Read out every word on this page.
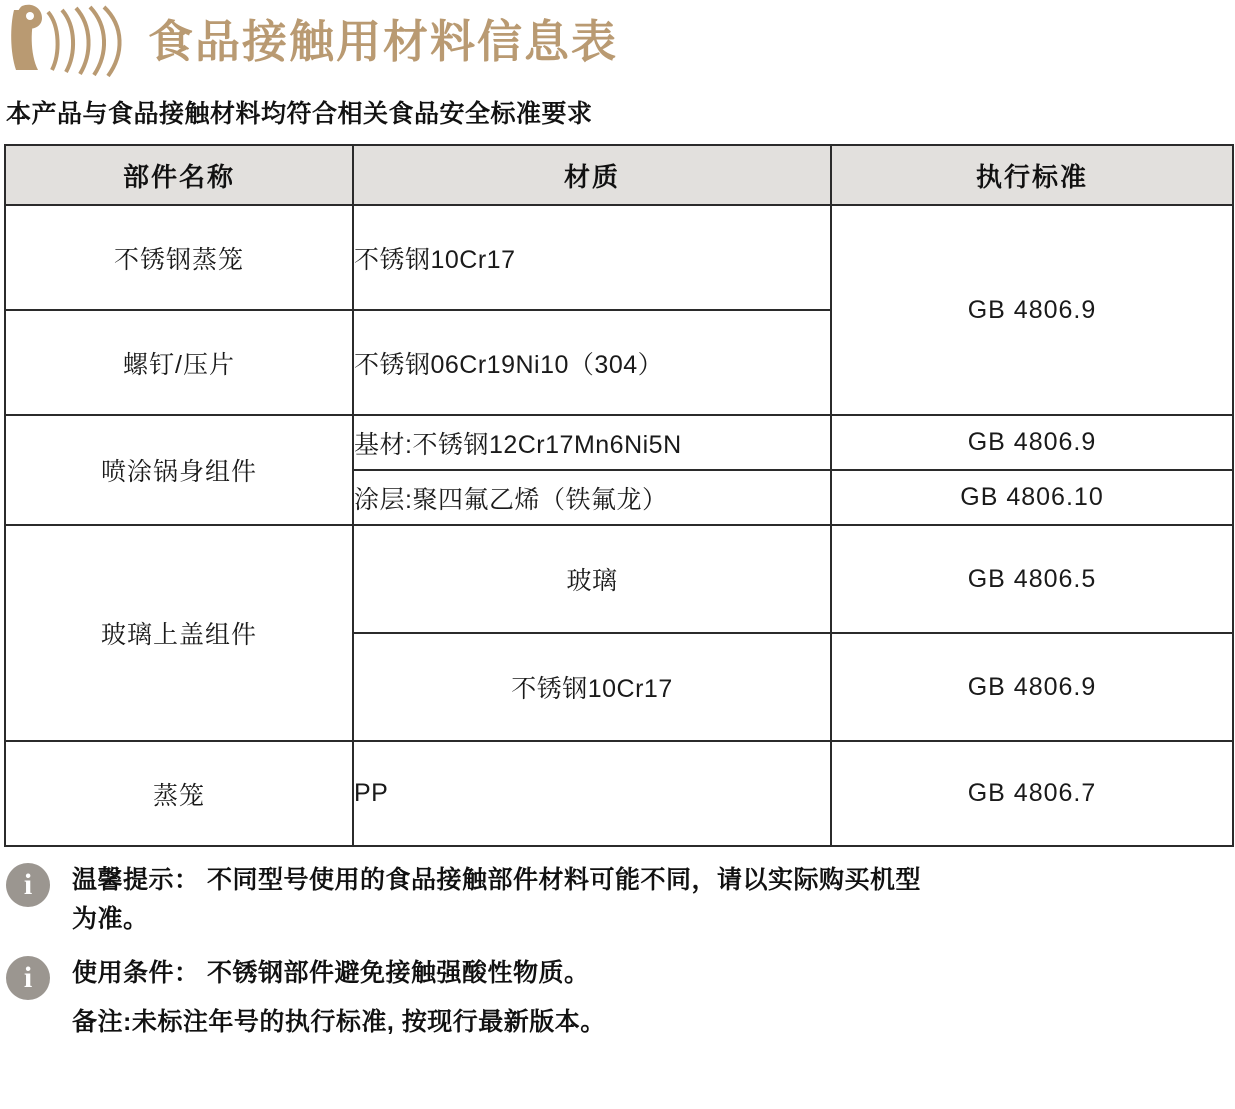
食品接触用材料信息表
本产品与食品接触材料均符合相关食品安全标准要求
部件名称	材质	执行标准
不锈钢蒸笼	不锈钢10Cr17	GB 4806.9
螺钉/压片	不锈钢06Cr19Ni10（304）	
喷涂锅身组件	基材:不锈钢12Cr17Mn6Ni5N	GB 4806.9
	涂层:聚四氟乙烯（铁氟龙）	GB 4806.10
玻璃上盖组件	玻璃	GB 4806.5
	不锈钢10Cr17	GB 4806.9
蒸笼	PP	GB 4806.7
i	温馨提示： 不同型号使用的食品接触部件材料可能不同，请以实际购买机型
为准。
i	使用条件： 不锈钢部件避免接触强酸性物质。
备注:未标注年号的执行标准, 按现行最新版本。
